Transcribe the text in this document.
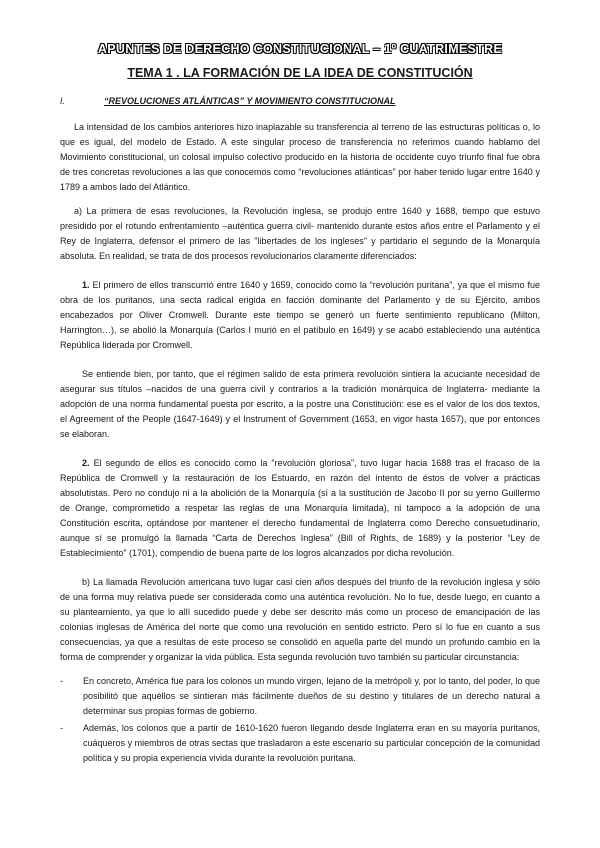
APUNTES DE DERECHO CONSTITUCIONAL – 1º CUATRIMESTRE
TEMA 1 . LA FORMACIÓN DE LA IDEA DE CONSTITUCIÓN
I.	“REVOLUCIONES ATLÁNTICAS” Y MOVIMIENTO CONSTITUCIONAL

La intensidad de los cambios anteriores hizo inaplazable su transferencia al terreno de las estructuras políticas o, lo que es igual, del modelo de Estado. A este singular proceso de transferencia no referimos cuando hablamo del Movimiento constitucional, un colosal impulso colectivo producido en la historia de occidente cuyo triunfo final fue obra de tres concretas revoluciones a las que conocemos como “revoluciones atlánticas” por haber tenido lugar entre 1640 y 1789 a ambos lado del Atlántico.

a) La primera de esas revoluciones, la Revolución inglesa, se produjo entre 1640 y 1688, tiempo que estuvo presidido por el rotundo enfrentamiento –auténtica guerra civil- mantenido durante estos años entre el Parlamento y el Rey de Inglaterra, defensor el primero de las "libertades de los ingleses" y partidario el segundo de la Monarquía absoluta. En realidad, se trata de dos procesos revolucionarios claramente diferenciados:

1. El primero de ellos transcurrió entre 1640 y 1659, conocido como la “revolución puritana”, ya que el mismo fue obra de los puritanos, una secta radical erigida en facción dominante del Parlamento y de su Ejército, ambos encabezados por Oliver Cromwell. Durante este tiempo se generó un fuerte sentimiento republicano (Milton, Harrington…), se abolió la Monarquía (Carlos I murió en el patíbulo en 1649) y se acabó estableciendo una auténtica República liderada por Cromwell.

Se entiende bien, por tanto, que el régimen salido de esta primera revolución sintiera la acuciante necesidad de asegurar sus títulos –nacidos de una guerra civil y contrarios a la tradición monárquica de Inglaterra- mediante la adopción de una norma fundamental puesta por escrito, a la postre una Constitución: ese es el valor de los dos textos, el Agreement of the People (1647-1649) y el Instrument of Government (1653, en vigor hasta 1657), que por entonces se elaboran.

2. El segundo de ellos es conocido como la “revolución gloriosa”, tuvo lugar hacia 1688 tras el fracaso de la República de Cromwell y la restauración de los Estuardo, en razón del intento de éstos de volver a prácticas absolutistas. Pero no condujo ni a la abolición de la Monarquía (sí a la sustitución de Jacobo II por su yerno Guillermo de Orange, comprometido a respetar las reglas de una Monarquía limitada), ni tampoco a la adopción de una Constitución escrita, optándose por mantener el derecho fundamental de Inglaterra como Derecho consuetudinario, aunque sí se promulgó la llamada “Carta de Derechos Inglesa” (Bill of Rights, de 1689) y la posterior “Ley de Establecimiento” (1701), compendio de buena parte de los logros alcanzados por dicha revolución.

b) La llamada Revolución americana tuvo lugar casi cien años después del triunfo de la revolución inglesa y sólo de una forma muy relativa puede ser considerada como una auténtica revolución. No lo fue, desde luego, en cuanto a su planteamiento, ya que lo allí sucedido puede y debe ser descrito más como un proceso de emancipación de las colonias inglesas de América del norte que como una revolución en sentido estricto. Pero sí lo fue en cuanto a sus consecuencias, ya que a resultas de este proceso se consolidó en aquella parte del mundo un profundo cambio en la forma de comprender y organizar la vida pública. Esta segunda revolución tuvo también su particular circunstancia:

- En concreto, América fue para los colonos un mundo virgen, lejano de la metrópoli y, por lo tanto, del poder, lo que posibilitó que aquéllos se sintieran más fácilmente dueños de su destino y titulares de un derecho natural a determinar sus propias formas de gobierno.
- Además, los colonos que a partir de 1610-1620 fueron llegando desde Inglaterra eran en su mayoría puritanos, cuáqueros y miembros de otras sectas que trasladaron a este escenario su particular concepción de la comunidad política y su propia experiencia vivida durante la revolución puritana.
